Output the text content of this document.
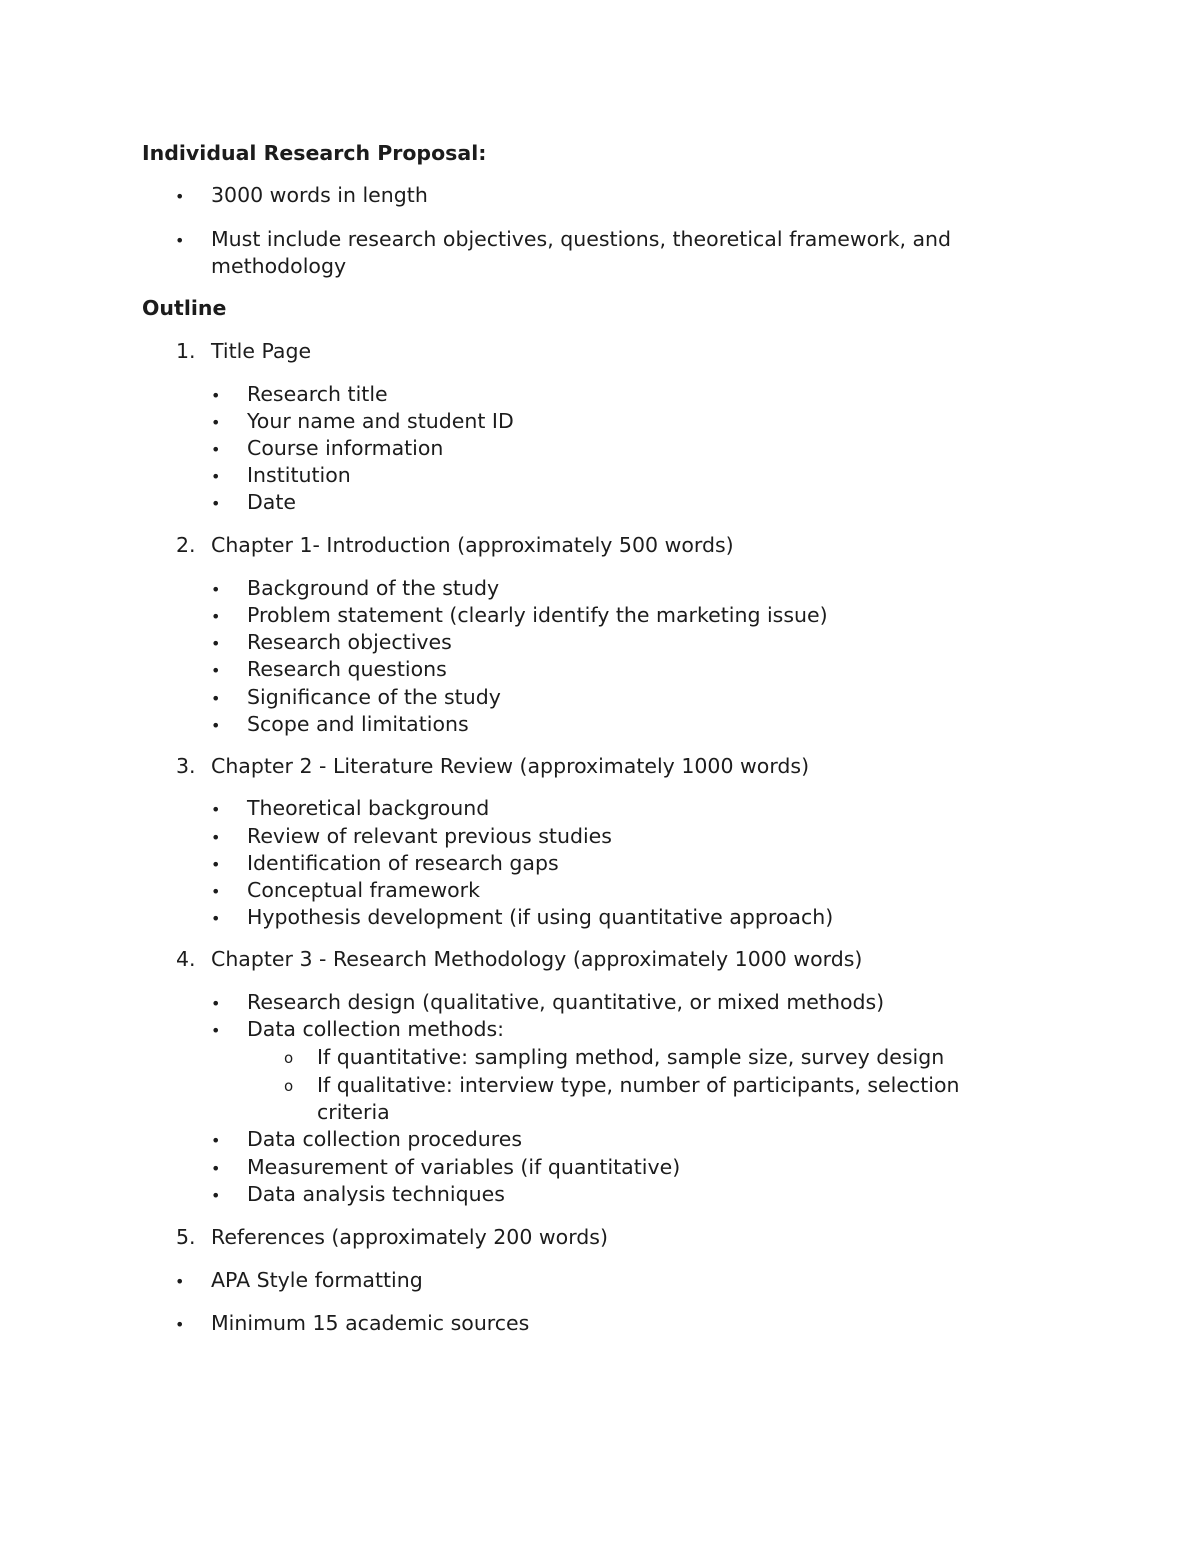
Individual Research Proposal:
• 3000 words in length
• Must include research objectives, questions, theoretical framework, and
methodology
Outline
1. Title Page
• Research title
• Your name and student ID
• Course information
• Institution
• Date
2. Chapter 1- Introduction (approximately 500 words)
• Background of the study
• Problem statement (clearly identify the marketing issue)
• Research objectives
• Research questions
• Significance of the study
• Scope and limitations
3. Chapter 2 - Literature Review (approximately 1000 words)
• Theoretical background
• Review of relevant previous studies
• Identification of research gaps
• Conceptual framework
• Hypothesis development (if using quantitative approach)
4. Chapter 3 - Research Methodology (approximately 1000 words)
• Research design (qualitative, quantitative, or mixed methods)
• Data collection methods:
o If quantitative: sampling method, sample size, survey design
o If qualitative: interview type, number of participants, selection
criteria
• Data collection procedures
• Measurement of variables (if quantitative)
• Data analysis techniques
5. References (approximately 200 words)
• APA Style formatting
• Minimum 15 academic sources
